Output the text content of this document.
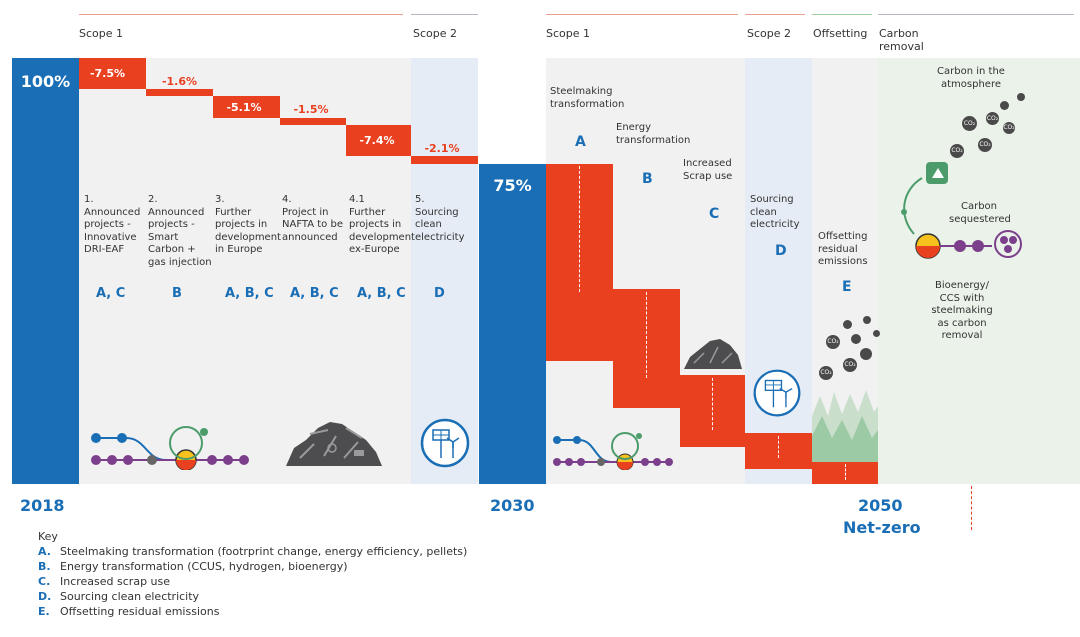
Scope 1	Scope 2	Scope 1	Scope 2 Offsetting Carbon removal
100%
2018
-7.5%
-1.6%
-5.1%	-1.5%
-7.4%
-2.1%
1.
Announced
projects -
Innovative
DRI-EAF
2.
Announced
projects -
Smart
Carbon +
gas injection
3.
Further
projects in
development
in Europe
4.
Project in
NAFTA to be
announced
4.1
Further
projects in
development
ex-Europe
5.
Sourcing
clean
electricity
A, C	B	A, B, C A, B, C A, B, C D
75%
2030
Steelmaking
transformation
A
Energy
transformation
B
Increased
Scrap use
C
Sourcing
clean
electricity
D
Offsetting
residual
emissions
E
CO₂
CO₂
CO₂
2050
Net-zero
Carbon in the
atmosphere
CO₂
CO₂
CO₂
CO₂
CO₂
Carbon
sequestered
Bioenergy/
CCS with
steelmaking
as carbon
removal
Key
A. Steelmaking transformation (footrprint change, energy efficiency, pellets)
B. Energy transformation (CCUS, hydrogen, bioenergy)
C. Increased scrap use
D. Sourcing clean electricity
E. Offsetting residual emissions
